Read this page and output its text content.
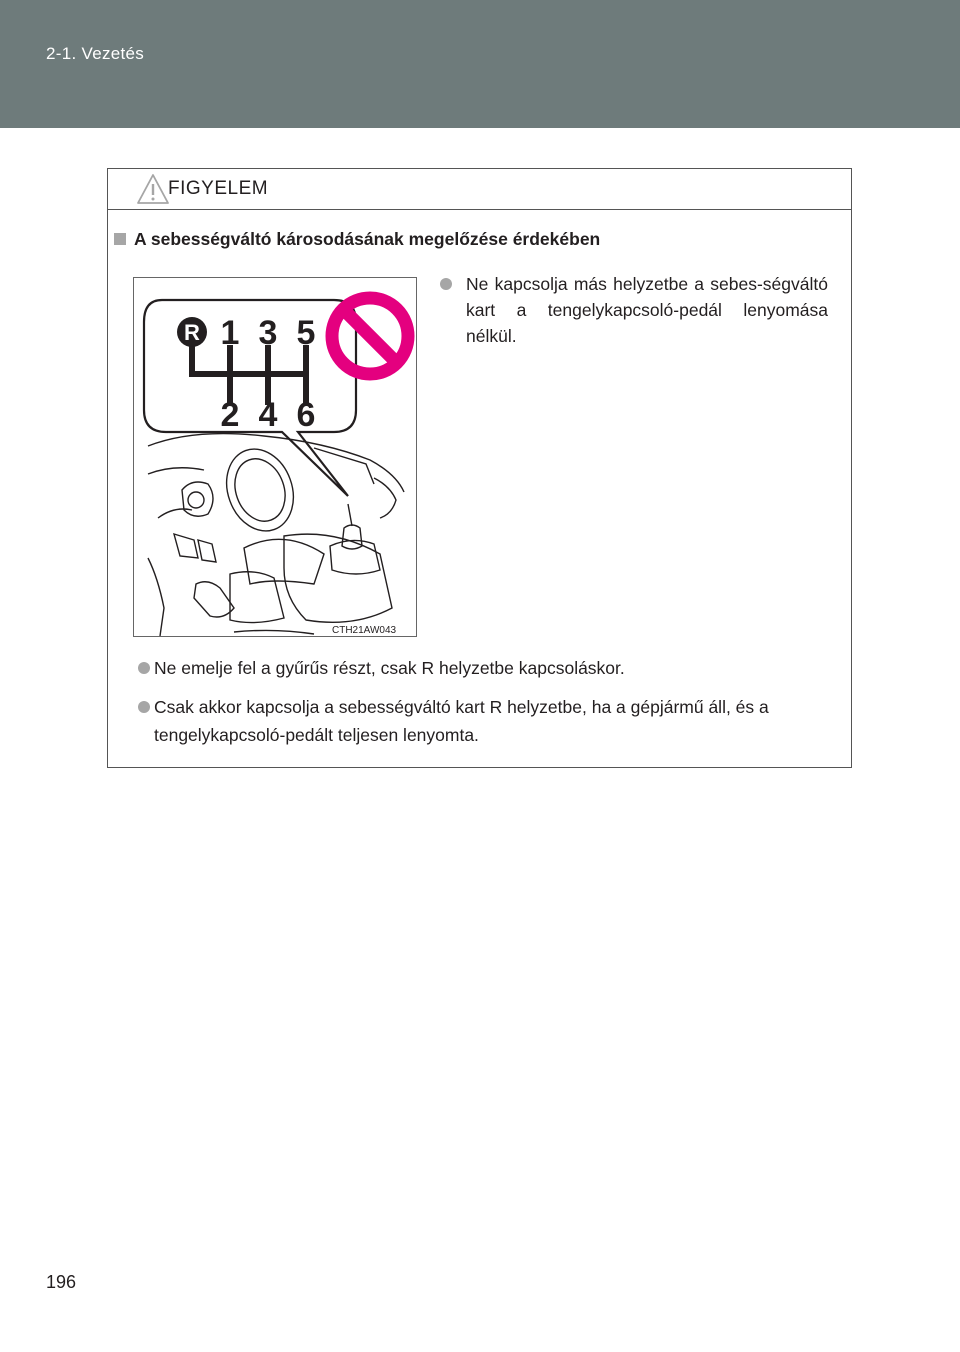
2-1. Vezetés
FIGYELEM
A sebességváltó károsodásának megelőzése érdekében
R 1 3 5
2 4 6
CTH21AW043
Ne kapcsolja más helyzetbe a sebes-ségváltó kart a tengelykapcsoló-pedál lenyomása nélkül.
Ne emelje fel a gyűrűs részt, csak R helyzetbe kapcsoláskor.
Csak akkor kapcsolja a sebességváltó kart R helyzetbe, ha a gépjármű áll, és a tengelykapcsoló-pedált teljesen lenyomta.
196
